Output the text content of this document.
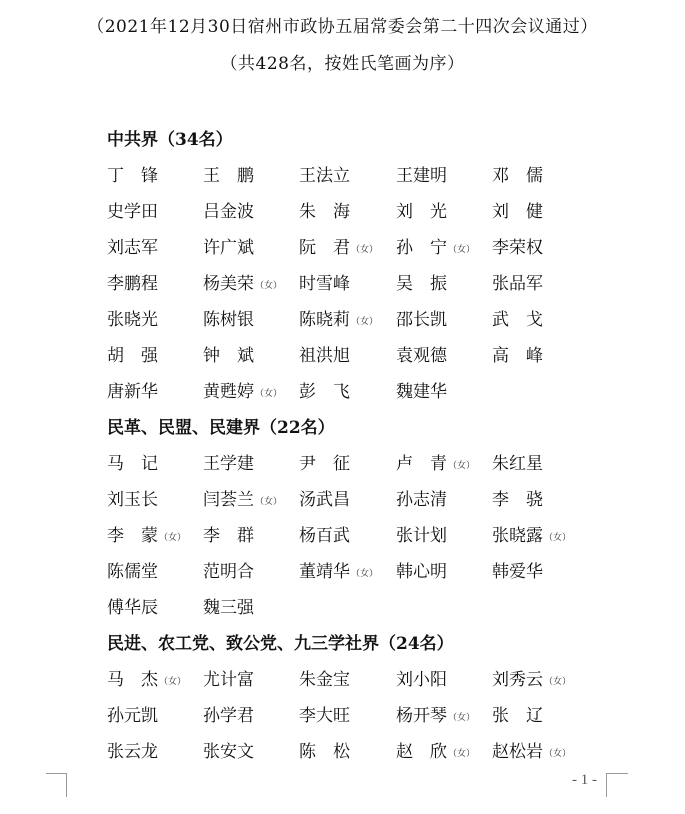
（2021年12月30日宿州市政协五届常委会第二十四次会议通过）
（共428名，按姓氏笔画为序）
中共界（34名）
丁　锋	王　鹏	王法立	王建明	邓　儒
史学田	吕金波	朱　海	刘　光	刘　健
刘志军	许广斌	阮　君（女） 孙　宁（女） 李荣权
李鹏程	杨美荣（女） 时雪峰	吴　振	张品军
张晓光	陈树银	陈晓莉（女） 邵长凯	武　戈
胡　强	钟　斌	祖洪旭	袁观德	高　峰
唐新华	黄甦婷（女） 彭　飞	魏建华
民革、民盟、民建界（22名）
马　记	王学建	尹　征	卢　青（女） 朱红星
刘玉长	闫荟兰（女） 汤武昌	孙志清	李　骁
李　蒙（女） 李　群	杨百武	张计划	张晓露（女）
陈儒堂	范明合	董靖华（女） 韩心明	韩爱华
傅华辰	魏三强
民进、农工党、致公党、九三学社界（24名）
马　杰（女） 尤计富	朱金宝	刘小阳	刘秀云（女）
孙元凯	孙学君	李大旺	杨开琴（女） 张　辽
张云龙	张安文	陈　松	赵　欣（女） 赵松岩（女）
- 1 -
